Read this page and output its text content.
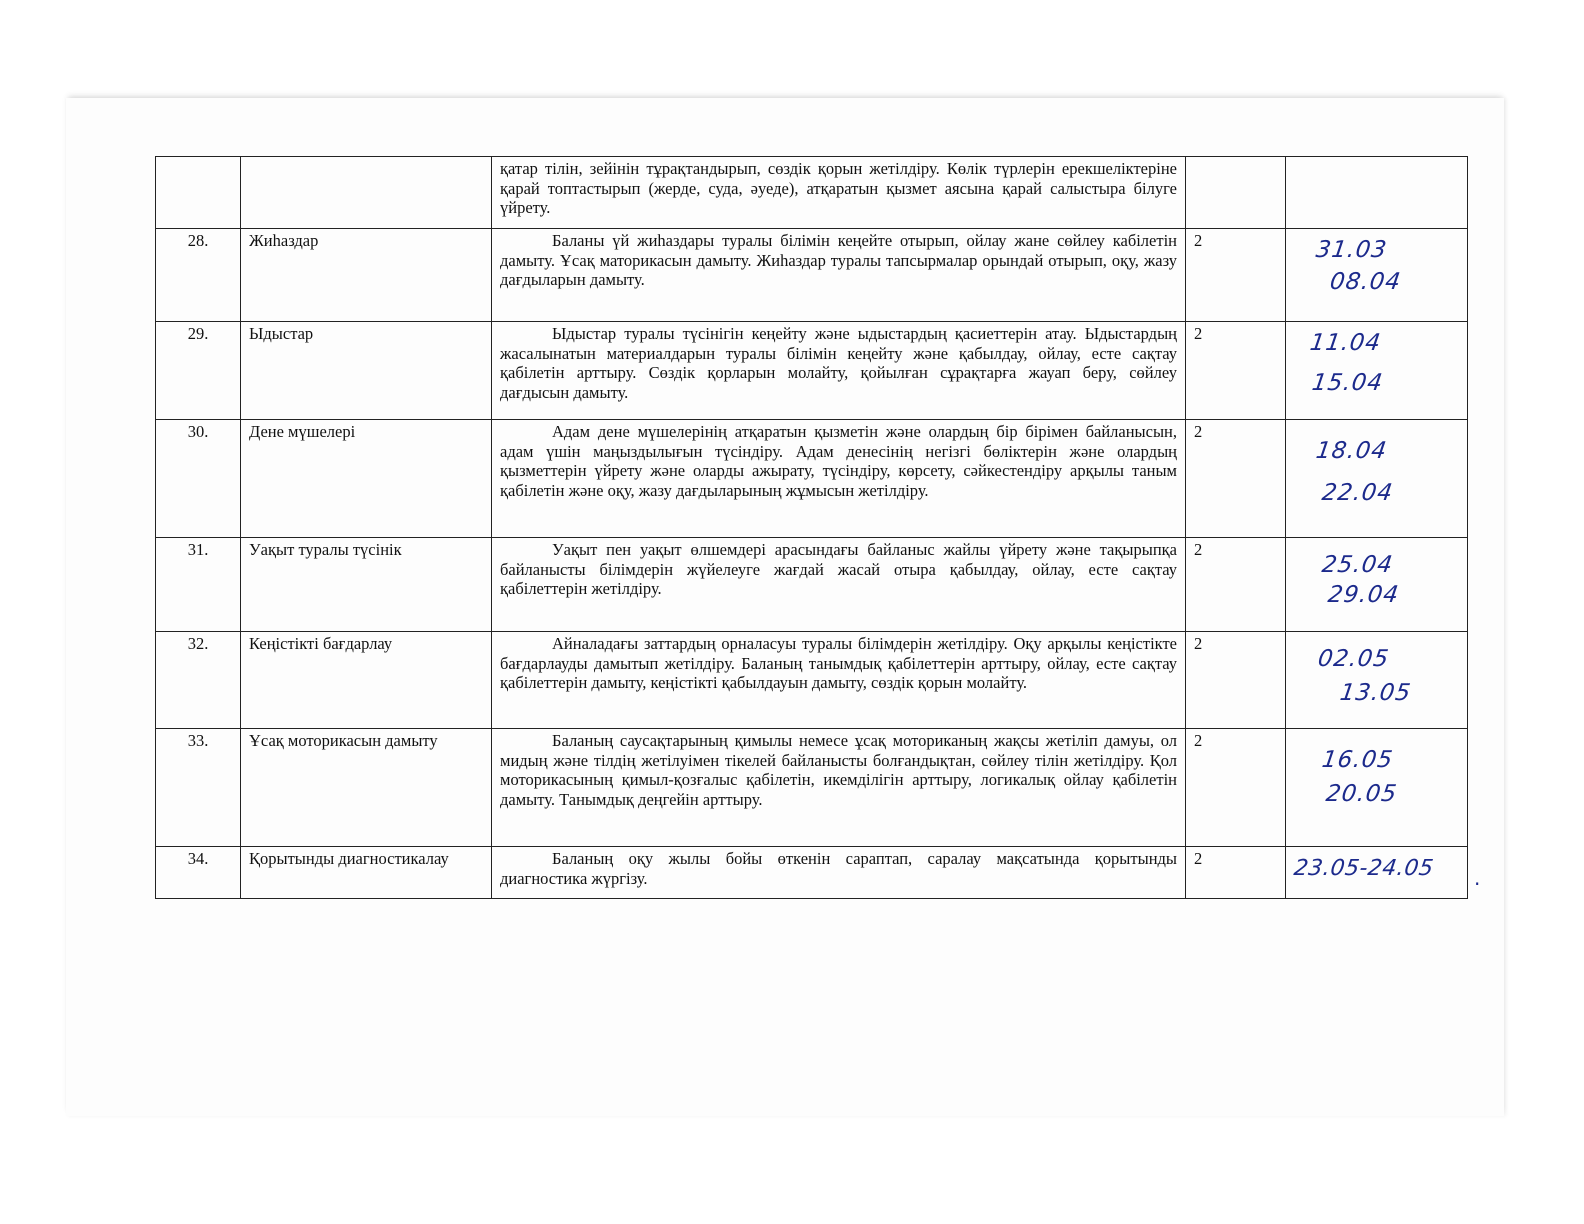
		қатар тілін, зейінін тұрақтандырып, сөздік қорын жетілдіру. Көлік түрлерін ерекшеліктеріне қарай топтастырып (жерде, суда, әуеде), атқаратын қызмет аясына қарай салыстыра білуге үйрету.		
28.	Жиһаздар	Баланы үй жиһаздары туралы білімін кеңейте отырып, ойлау жане сөйлеу кабілетін дамыту. Ұсақ маторикасын дамыту. Жиһаздар туралы тапсырмалар орындай отырып, оқу, жазу дағдыларын дамыту.	2	31.03
08.04

29.	Ыдыстар	Ыдыстар туралы түсінігін кеңейту және ыдыстардың қасиеттерін атау. Ыдыстардың жасалынатын материалдарын туралы білімін кеңейту және қабылдау, ойлау, есте сақтау қабілетін арттыру. Сөздік қорларын молайту, қойылған сұрақтарға жауап беру, сөйлеу дағдысын дамыту.	2	11.04
15.04

30.	Дене мүшелері	Адам дене мүшелерінің атқаратын қызметін және олардың бір бірімен байланысын, адам үшін маңыздылығын түсіндіру. Адам денесінің негізгі бөліктерін және олардың қызметтерін үйрету және оларды ажырату, түсіндіру, көрсету, сәйкестендіру арқылы таным қабілетін және оқу, жазу дағдыларының жұмысын жетілдіру.	2	18.04
22.04

31.	Уақыт туралы түсінік	Уақыт пен уақыт өлшемдері арасындағы байланыс жайлы үйрету және тақырыпқа байланысты білімдерін жүйелеуге жағдай жасай отыра қабылдау, ойлау, есте сақтау қабілеттерін жетілдіру.	2	25.04
29.04

32.	Кеңістікті бағдарлау	Айналадағы заттардың орналасуы туралы білімдерін жетілдіру. Оқу арқылы кеңістікте бағдарлауды дамытып жетілдіру. Баланың танымдық қабілеттерін арттыру, ойлау, есте сақтау қабілеттерін дамыту, кеңістікті қабылдауын дамыту, сөздік қорын молайту.	2	02.05
13.05

33.	Ұсақ моторикасын дамыту	Баланың саусақтарының қимылы немесе ұсақ моториканың жақсы жетіліп дамуы, ол мидың және тілдің жетілуімен тікелей байланысты болғандықтан, сөйлеу тілін жетілдіру. Қол моторикасының қимыл-қозғалыс қабілетін, икемділігін арттыру, логикалық ойлау қабілетін дамыту. Танымдық деңгейін арттыру.	2	16.05
20.05

34.	Қорытынды диагностикалау	Баланың оқу жылы бойы өткенін сараптап, саралау мақсатында қорытынды диагностика жүргізу.	2	23.05-24.05
·
